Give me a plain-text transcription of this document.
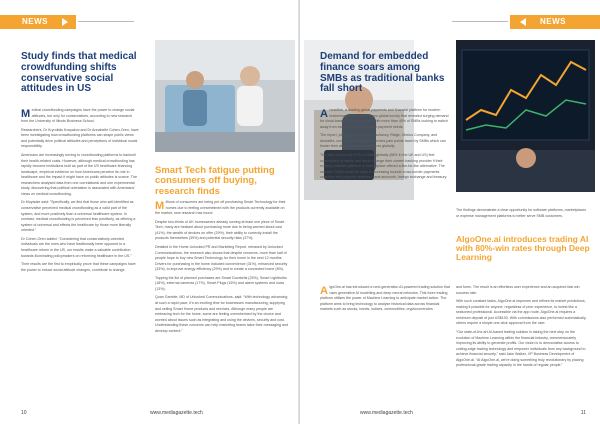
NEWS
Study finds that medical crowdfunding shifts conservative social attitudes in US

Medical crowdfunding campaigns have the power to change social attitudes, but only for conservatives, according to new research from the University of Illinois Business School.

Researchers, Dr Kryrolidis Kosyakov and Dr Annabelle Cohen-Oren, have been investigating how crowdfunding platforms can shape public views and potentially drive political attitudes and perceptions of individual social responsibility.

Americans are increasingly turning to crowdfunding platforms to bankroll their health-related costs. However, although medical crowdfunding has rapidly become institutions built as part of the US healthcare financing landscape, empirical evidence on how Americans perceive its role in healthcare and the impact it might have on public attitudes is scarce. The researchers analysed data from one correlational and one experimental study, discovering that political orientation is associated with Americans’ views on medical crowdfunding.

Dr Moyadze said: “Specifically, we find that those who self-identified as conservative perceived medical crowdfunding as a valid part of the system, and more positively than a universal healthcare system. In contrast, medical crowdfunding is perceived less positively, as offering a system of universal and effects the healthcare by those more liberally oriented.”

Dr Cohen-Oren added: “Considering that conservatively-oriented individuals are the ones who have traditionally been opposed to a healthcare reform in the US, our results make a valuable contribution towards illuminating policymakers on reforming healthcare in the US.”

Their results are the first to empirically prove that these campaigns have the power to induce social attitude changes, contribute to change.

Smart Tech fatigue putting consumers off buying, research finds

Millions of consumers are being put off purchasing Smart Technology for their homes due to feeling overwhelmed with the products currently available on the market, new research has found.

Despite two-thirds of UK homeowners already owning at least one piece of Smart Tech, many are hesitant about purchasing more due to being worried about cost (41%), the wealth of devices on offer (29%), their ability to correctly install the products themselves (39%) and potential security risks (37%).

Detailed in the Home Unlocked PR and Marketing Report, released by Unlocked Communications, the research also shows that despite concerns, more than half of people hope to buy new Smart Technology for their home in the next 12 months. Drivers for purchasing in the home included convenience (31%), enhanced security (33%), to improve energy efficiency (29%) and to create a connected home (8%).

Topping the list of planned purchases are Smart Doorbells (25%), Smart Lightbulbs (18%), external cameras (17%), Smart Plugs (16%) and alarm systems and locks (13%).

Quan Gamble, MD of Unlocked Communications, said: “With technology advancing at such a rapid pace, it’s an exciting time for businesses manufacturing, supplying and selling Smart Home products and services. Although many people are embracing tech for the home, some are feeling overwhelmed by the choice and worried about issues such as integrating and using the devices, security and cost. Understanding these concerns can help marketing teams tailor their messaging and develop content.”

10	www.mediagazette.tech
NEWS
Demand for embedded finance soars among SMBs as traditional banks fall short

A headline, a leading global payments and financial platform for modern businesses, announced a new global survey that revealed surging demand for cloud-based financial services with more than 40% of SMBs looking to switch away from traditional banks for their payment needs.

The report, jointly produced by consultancy, Ridge, Obeius Company, and Airwallex, uncovers the financial services pain points faced by SMBs which can hinder their ability to operate and grow globally.

The data shows that 67% of SMBs globally (88% in the UK and US) feel constrained by banks and would change their current banking provider if their existing software platform or marketplace offered a like-for-like alternative. The services SMBs would be open to accessing include cross-border payments collection and payouts, business bank accounts, foreign exchange and treasury.

The findings demonstrate a clear opportunity for software platforms, marketplaces or expense management platforms to better serve SMB customers.

AlgoOne.ai introduces trading AI with 80%-win rates through Deep Learning

AlgoOne.ai has introduced a next-generation AI-powered trading solution that uses generative AI modelling and deep neural networks. This forex trading platform utilises the power of Machine Learning to anticipate market action. The platform aims to bring technology to analyse historical data across financial markets such as stocks, bonds, indices, commodities, cryptocurrencies

and forex. The result is an effortless user experience and an acquired fast win success rate.

With such constant tasks, AlgoOne.ai improves and refines its market predictions, making it possible for anyone, regardless of prior experience, to invest like a seasoned professional. Accessible via the app route, AlgoOne.ai requires a minimum deposit of just US$100. With commissions also performed automatically, others require a simple one-click approval from the user.

“Our state-of-the-art AI-based trading solution is taking the next step on the evolution of Machine Learning within the financial industry, commensurately improving its ability to generate profits. Our vision is to democratise access to cutting-edge trading technology and empower individuals from any background to achieve financial security,” said Jake Walker, VP Business Development of AlgoOne.ai. “At AlgoOne.ai, we’re doing something truly revolutionary by placing professional-grade trading capacity in the hands of regular people.”

www.mediagazette.tech	11
